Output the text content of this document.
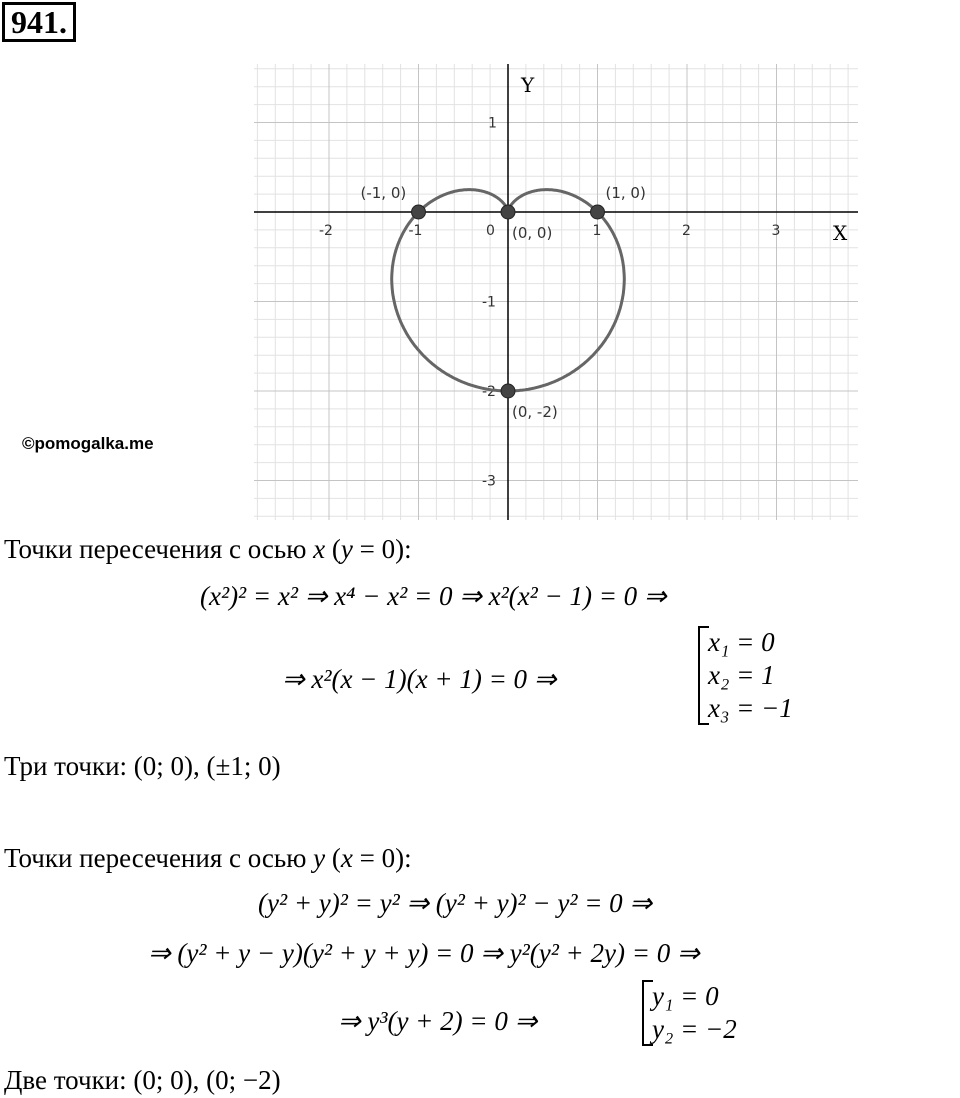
941.
X
Y
-2	-1	0	1	2	3
1
-1
-2
-3
(-1, 0)
(0, 0)
(1, 0)
(0, -2)
©pomogalka.me
Точки пересечения с осью x (y = 0):
(x²)² = x² ⇒ x⁴ − x² = 0 ⇒ x²(x² − 1) = 0 ⇒
⇒ x²(x − 1)(x + 1) = 0 ⇒
x₁ = 0
x₂ = 1
x₃ = −1
Три точки: (0; 0), (±1; 0)
Точки пересечения с осью y (x = 0):
(y² + y)² = y² ⇒ (y² + y)² − y² = 0 ⇒
⇒ (y² + y − y)(y² + y + y) = 0 ⇒ y²(y² + 2y) = 0 ⇒
⇒ y³(y + 2) = 0 ⇒
y₁ = 0
y₂ = −2
Две точки: (0; 0), (0; −2)
